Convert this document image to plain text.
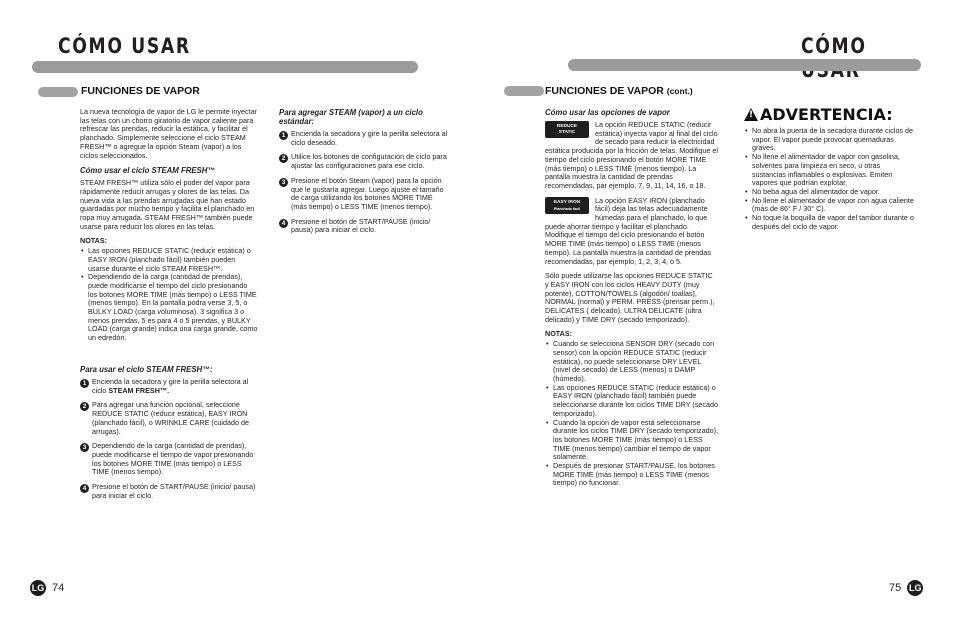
CÓMO USAR
FUNCIONES DE VAPOR

La nueva tecnología de vapor de LG le permite inyectar las telas con un chorro giratorio de vapor caliente para refrescar las prendas, reducir la estática, y facilitar el planchado. Simplemente seleccione el ciclo STEAM FRESH™ o agregue la opción Steam (vapor) a los ciclos seleccionados.

Cómo usar el ciclo STEAM FRESH™

STEAM FRESH™ utiliza sólo el poder del vapor para rápidamente reducir arrugas y olores de las telas. Da nueva vida a las prendas arrugadas que han estado guardadas por mucho tiempo y facilita el planchado en ropa muy arrugada. STEAM FRESH™ también puede usarse para reducir los olores en las telas.

NOTAS:
• Las opciones REDUCE STATIC (reducir estática) o EASY IRON (planchado fácil) también pueden usarse durante el ciclo STEAM FRESH™.
• Dependiendo de la carga (cantidad de prendas), puede modificarse el tiempo del ciclo presionando los botones MORE TIME (más tiempo) o LESS TIME (menos tiempo). En la pantalla podra verse 3, 5, o BULKY LOAD (carga voluminosa). 3 significa 3 o menos prendas, 5 es para 4 o 5 prendas, y BULKY LOAD (carga grande) indica una carga grande, como un edredón.
Para usar el ciclo STEAM FRESH™:
1 Encienda la secadora y gire la perilla selectora al ciclo STEAM FRESH™.
2 Para agregar una función opcional, seleccione REDUCE STATIC (reducir estática), EASY IRON (planchado fácil), o WRINKLE CARE (cuidado de arrugas).
3 Dependiendo de la carga (cantidad de prendas), puede modificarse el tiempo de vapor presionando los botones MORE TIME (más tiempo) o LESS TIME (menos tiempo).
4 Presione el botón de START/PAUSE (inicio/ pausa) para iniciar el ciclo.
Para agregar STEAM (vapor) a un ciclo estándar:
1 Encienda la secadora y gire la perilla selectora al ciclo deseado.
2 Utilice los botones de configuración de ciclo para ajustar las configuraciones para ese ciclo.
3 Presione el botón Steam (vapor) para la opción que le gustaría agregar. Luego ajuste el tamaño de carga utilizando los botones MORE TIME (más tiempo) o LESS TIME (menos tiempo).
4 Presione el botón de START/PAUSE (inicio/ pausa) para iniciar el ciclo.
LG 74
CÓMO
FUNCIONES DE VAPOR (cont.)
Cómo usar las opciones de vapor
REDUCE
STATIC
La opción REDUCE STATIC (reducir estática) inyecta vapor al final del ciclo de secado para reducir la electricidad estática producida por la fricción de telas. Modifique el tiempo del ciclo presionando el botón MORE TIME (más tiempo) o LESS TIME (menos tiempo). La pantalla muestra la cantidad de prendas recomendadas, par ejemplo, 7, 9, 11, 14, 16, o 18.
EASY IRON
Planchado fácil
La opción EASY IRON (planchado fácil) deja las telas adecuadamente húmedas para el planchado, lo que puede ahorrar tiempo y facilitar el planchado. Modifique el tiempo del ciclo presionando el botón MORE TIME (más tiempo) o LESS TIME (menos tiempo). La pantalla muestra la cantidad de prendas recomendadas, par ejemplo, 1, 2, 3, 4, o 5.

Sólo puede utilizarse las opciones REDUCE STATIC y EASY IRON con los ciclos HEAVY DUTY (muy potente), COTTON/TOWELS (algodón/ toallas), NORMAL (normal) y PERM. PRESS (prensar perm.), DELICATES ( delicado), ULTRA DELICATE (ultra delicado) y TIME DRY (secado temporizado).

NOTAS:
• Cuando se selecciona SENSOR DRY (secado con sensor) con la opción REDUCE STATIC (reducir estática), no puede seleccionarse DRY LEVEL (nivel de secado) de LESS (menos) o DAMP (húmedo).
• Las opciones REDUCE STATIC (reducir estática) o EASY IRON (planchado fácil) también puede seleccionarse durante los ciclos TIME DRY (secado temporizado).
• Cuando la opción de vapor está seleccionarse durante los ciclos TIME DRY (secado temporizado), los botones MORE TIME (más tiempo) o LESS TIME (menos tiempo) cambiar el tiempo de vapor solamente.
• Después de presionar START/PAUSE, los botones MORE TIME (más tiempo) o LESS TIME (menos tiempo) no funcionar.
! ADVERTENCIA:
• No abra la puerta de la secadora durante ciclos de vapor. El vapor puede provocar quemaduras graves.
• No llene el alimentador de vapor con gasolina, solventes para limpieza en seco, u otras sustancias inflamables o explosivas. Emiten vapores que podrían explotar.
• No beba agua del alimentador de vapor.
• No llene el alimentador de vapor con agua caliente (más de 86° F / 30° C).
• No toque la boquilla de vapor del tambor durante o después del ciclo de vapor.
75 LG
